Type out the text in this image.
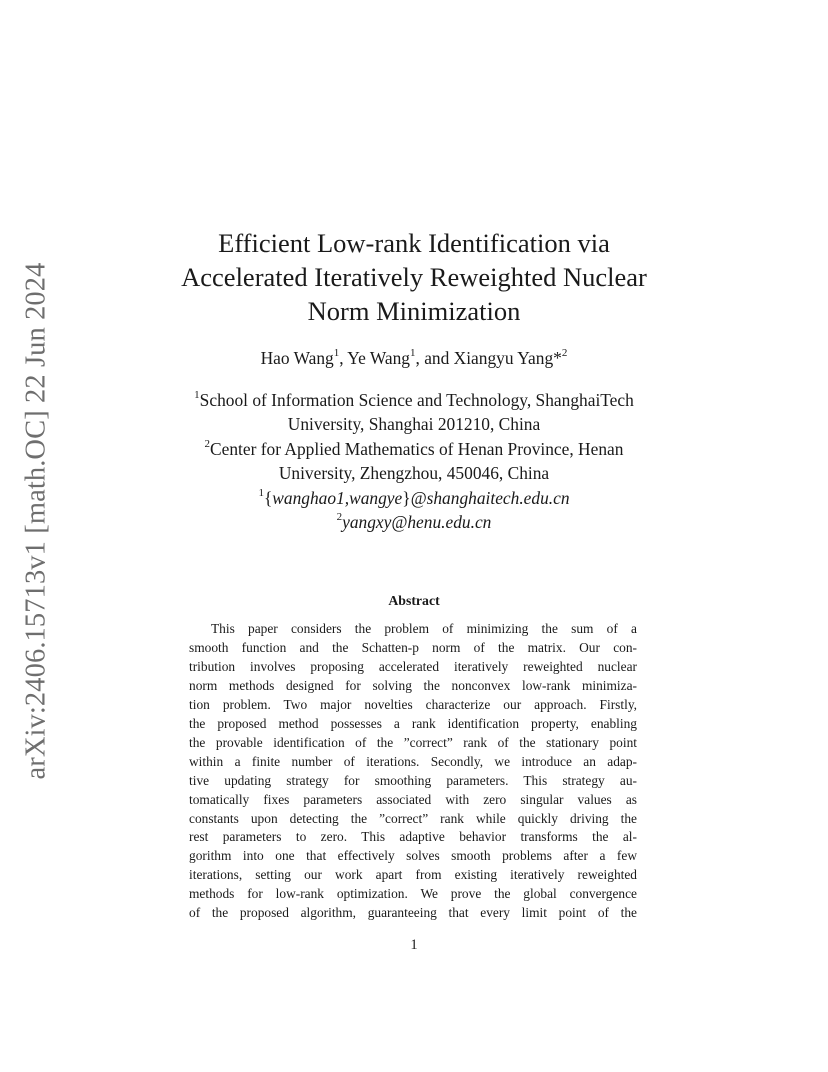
arXiv:2406.15713v1 [math.OC] 22 Jun 2024
Efficient Low-rank Identification via
Accelerated Iteratively Reweighted Nuclear
Norm Minimization
Hao Wang$^1$, Ye Wang$^1$, and Xiangyu Yang*$^2$
$^1$School of Information Science and Technology, ShanghaiTech
University, Shanghai 201210, China
$^2$Center for Applied Mathematics of Henan Province, Henan
University, Zhengzhou, 450046, China
$^1${wanghao1,wangye}@shanghaitech.edu.cn
$^2$yangxy@henu.edu.cn
Abstract
This paper considers the problem of minimizing the sum of a
smooth function and the Schatten-p norm of the matrix. Our con-
tribution involves proposing accelerated iteratively reweighted nuclear
norm methods designed for solving the nonconvex low-rank minimiza-
tion problem. Two major novelties characterize our approach. Firstly,
the proposed method possesses a rank identification property, enabling
the provable identification of the ”correct” rank of the stationary point
within a finite number of iterations. Secondly, we introduce an adap-
tive updating strategy for smoothing parameters. This strategy au-
tomatically fixes parameters associated with zero singular values as
constants upon detecting the ”correct” rank while quickly driving the
rest parameters to zero. This adaptive behavior transforms the al-
gorithm into one that effectively solves smooth problems after a few
iterations, setting our work apart from existing iteratively reweighted
methods for low-rank optimization. We prove the global convergence
of the proposed algorithm, guaranteeing that every limit point of the
1
